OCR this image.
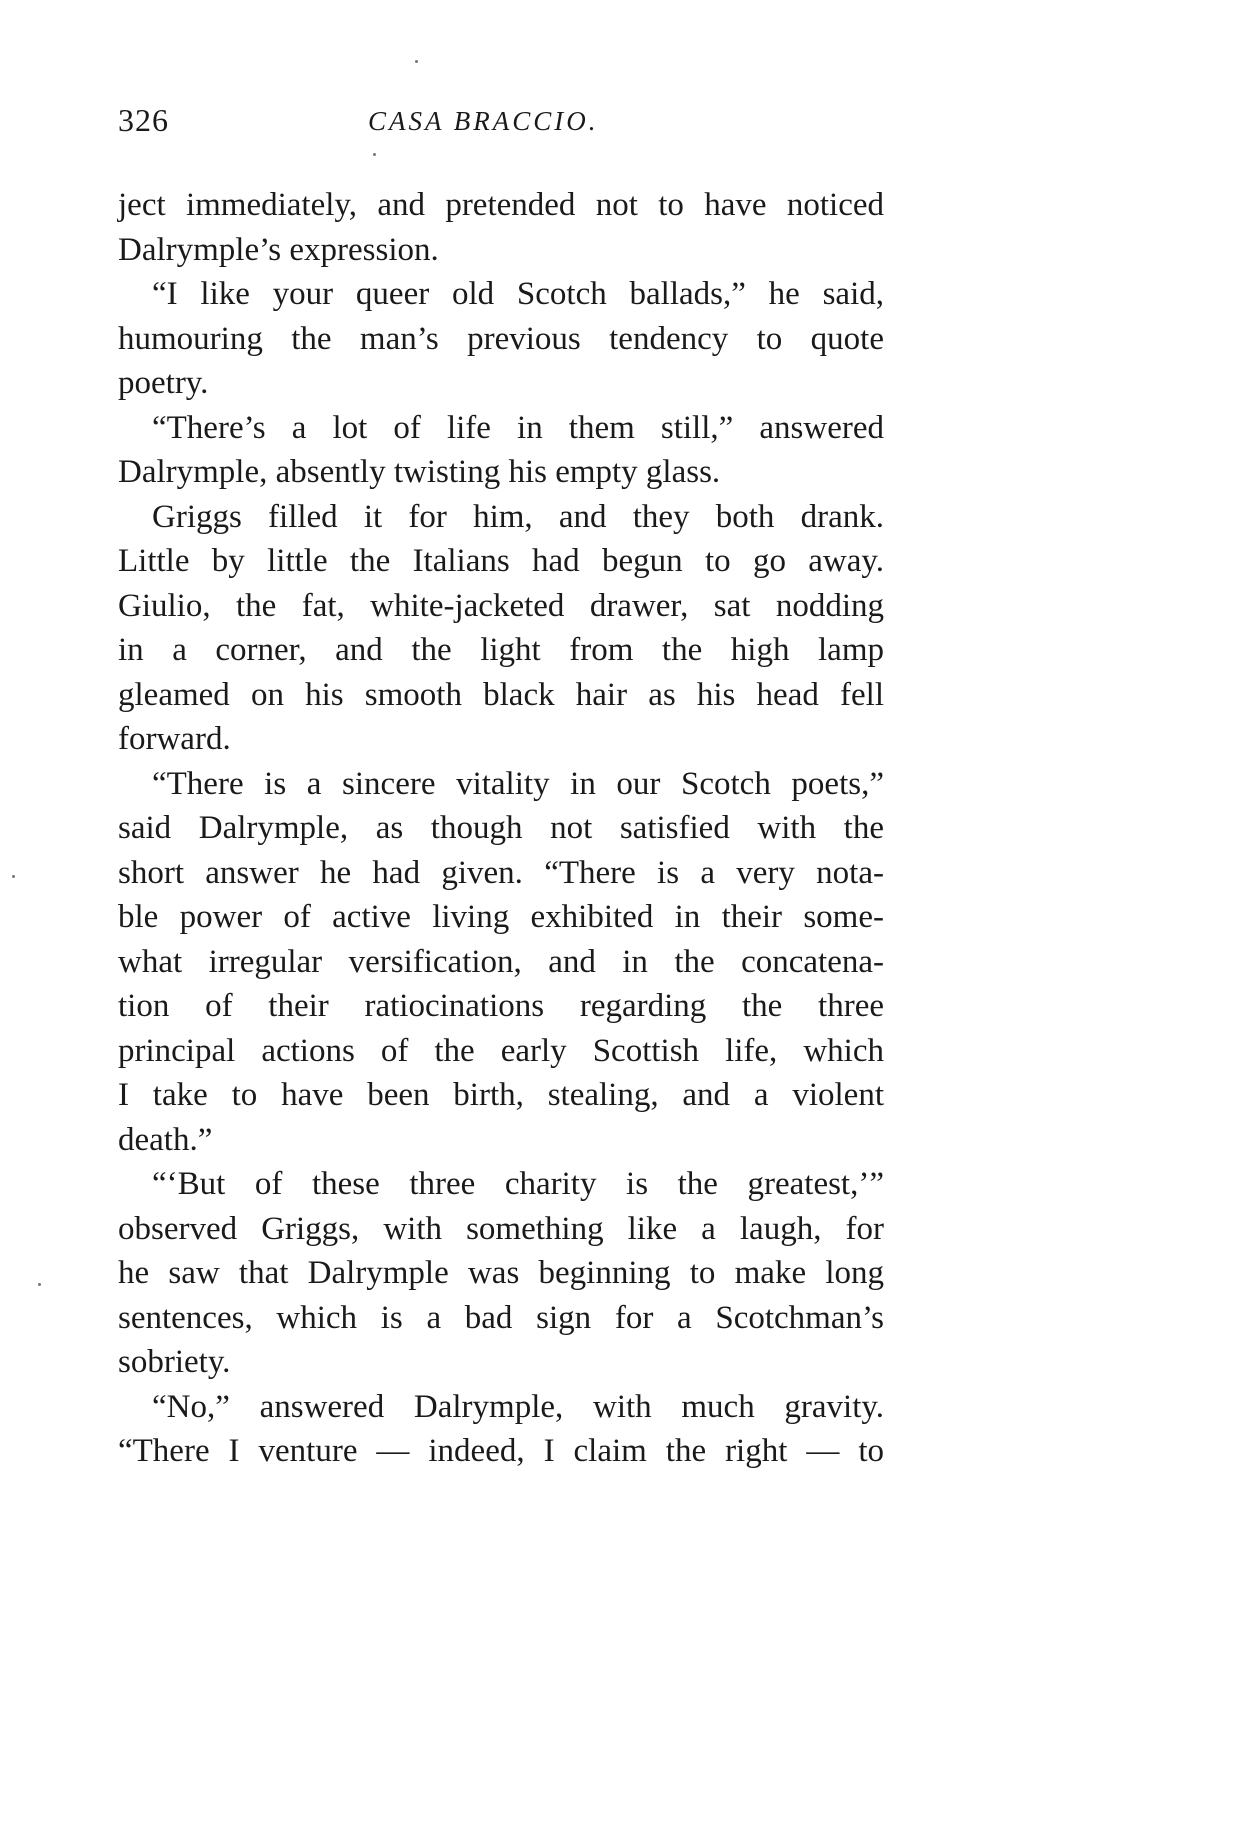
326	CASA BRACCIO.

ject immediately, and pretended not to have noticed
Dalrymple’s expression.

“I like your queer old Scotch ballads,” he said,
humouring the man’s previous tendency to quote
poetry.

“There’s a lot of life in them still,” answered
Dalrymple, absently twisting his empty glass.

Griggs filled it for him, and they both drank.
Little by little the Italians had begun to go away.
Giulio, the fat, white-jacketed drawer, sat nodding
in a corner, and the light from the high lamp
gleamed on his smooth black hair as his head fell
forward.

“There is a sincere vitality in our Scotch poets,”
said Dalrymple, as though not satisfied with the
short answer he had given. “There is a very nota-
ble power of active living exhibited in their some-
what irregular versification, and in the concatena-
tion of their ratiocinations regarding the three
principal actions of the early Scottish life, which
I take to have been birth, stealing, and a violent
death.”

“‘But of these three charity is the greatest,’”
observed Griggs, with something like a laugh, for
he saw that Dalrymple was beginning to make long
sentences, which is a bad sign for a Scotchman’s
sobriety.

“No,” answered Dalrymple, with much gravity.
“There I venture — indeed, I claim the right — to
